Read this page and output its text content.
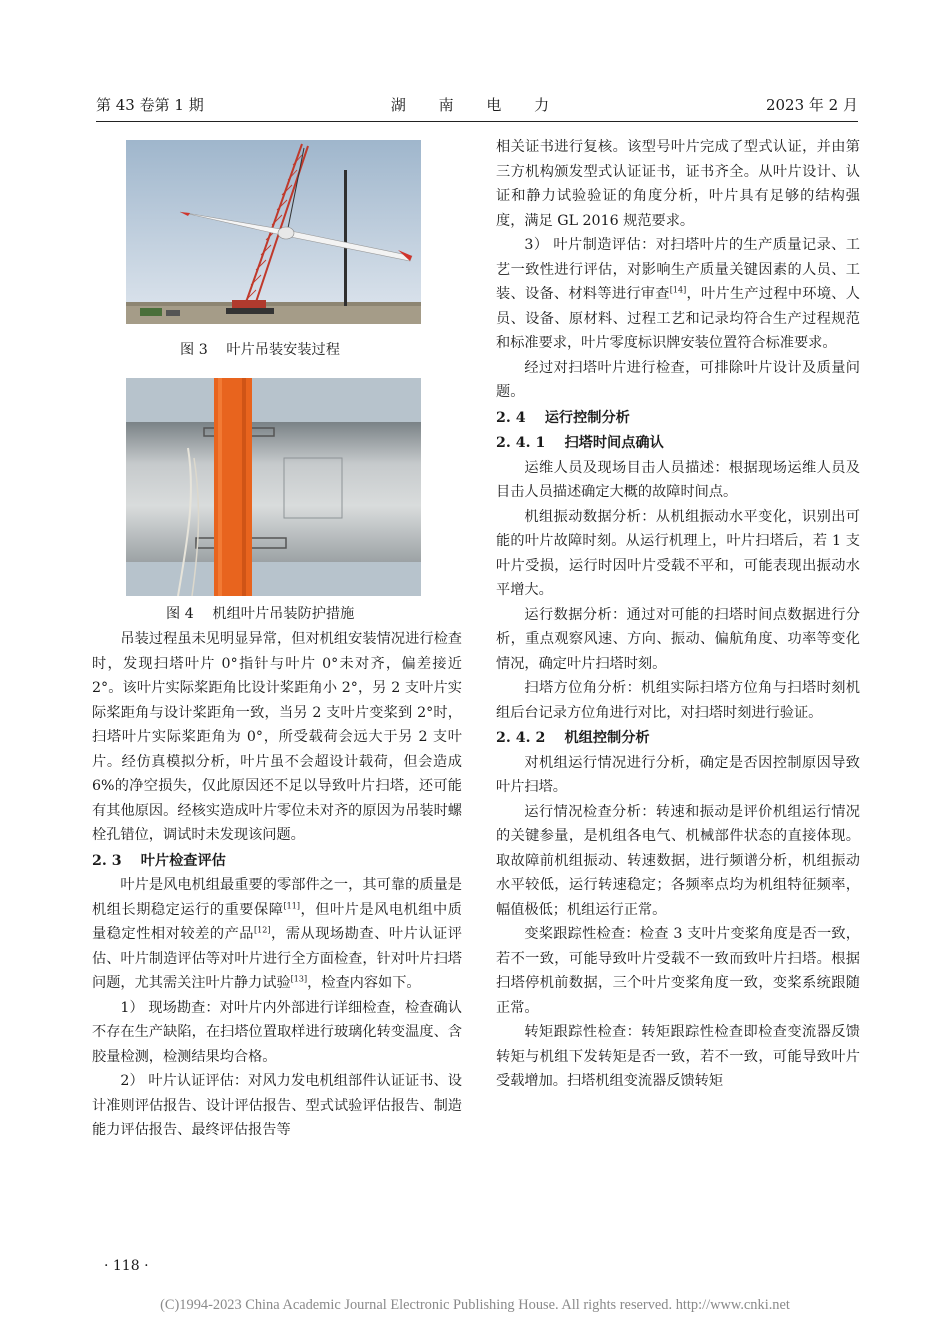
第 43 卷第 1 期	湖 南 电 力	2023 年 2 月
图 3　 叶片吊装安装过程
图 4　 机组叶片吊装防护措施

吊装过程虽未见明显异常，但对机组安装情况进行检查时，发现扫塔叶片 0°指针与叶片 0°未对齐，偏差接近 2°。该叶片实际桨距角比设计桨距角小 2°，另 2 支叶片实际桨距角与设计桨距角一致，当另 2 支叶片变桨到 2°时，扫塔叶片实际桨距角为 0°，所受载荷会远大于另 2 支叶片。经仿真模拟分析，叶片虽不会超设计载荷，但会造成 6%的净空损失，仅此原因还不足以导致叶片扫塔，还可能有其他原因。经核实造成叶片零位未对齐的原因为吊装时螺栓孔错位，调试时未发现该问题。

2. 3　 叶片检查评估

叶片是风电机组最重要的零部件之一，其可靠的质量是机组长期稳定运行的重要保障[11]，但叶片是风电机组中质量稳定性相对较差的产品[12]，需从现场勘查、叶片认证评估、叶片制造评估等对叶片进行全方面检查，针对叶片扫塔问题，尤其需关注叶片静力试验[13]，检查内容如下。

1） 现场勘查：对叶片内外部进行详细检查，检查确认不存在生产缺陷，在扫塔位置取样进行玻璃化转变温度、含胶量检测，检测结果均合格。

2） 叶片认证评估：对风力发电机组部件认证证书、设计准则评估报告、设计评估报告、型式试验评估报告、制造能力评估报告、最终评估报告等

相关证书进行复核。该型号叶片完成了型式认证，并由第三方机构颁发型式认证证书，证书齐全。从叶片设计、认证和静力试验验证的角度分析，叶片具有足够的结构强度，满足 GL 2016 规范要求。

3） 叶片制造评估：对扫塔叶片的生产质量记录、工艺一致性进行评估，对影响生产质量关键因素的人员、工装、设备、材料等进行审查[14]，叶片生产过程中环境、人员、设备、原材料、过程工艺和记录均符合生产过程规范和标准要求，叶片零度标识牌安装位置符合标准要求。

经过对扫塔叶片进行检查，可排除叶片设计及质量问题。

2. 4　 运行控制分析

2. 4. 1　 扫塔时间点确认

运维人员及现场目击人员描述：根据现场运维人员及目击人员描述确定大概的故障时间点。

机组振动数据分析：从机组振动水平变化，识别出可能的叶片故障时刻。从运行机理上，叶片扫塔后，若 1 支叶片受损，运行时因叶片受载不平和，可能表现出振动水平增大。

运行数据分析：通过对可能的扫塔时间点数据进行分析，重点观察风速、方向、振动、偏航角度、功率等变化情况，确定叶片扫塔时刻。

扫塔方位角分析：机组实际扫塔方位角与扫塔时刻机组后台记录方位角进行对比，对扫塔时刻进行验证。

2. 4. 2　 机组控制分析

对机组运行情况进行分析，确定是否因控制原因导致叶片扫塔。

运行情况检查分析：转速和振动是评价机组运行情况的关键参量，是机组各电气、机械部件状态的直接体现。取故障前机组振动、转速数据，进行频谱分析，机组振动水平较低，运行转速稳定；各频率点均为机组特征频率，幅值极低；机组运行正常。

变桨跟踪性检查：检查 3 支叶片变桨角度是否一致，若不一致，可能导致叶片受载不一致而致叶片扫塔。根据扫塔停机前数据，三个叶片变桨角度一致，变桨系统跟随正常。

转矩跟踪性检查：转矩跟踪性检查即检查变流器反馈转矩与机组下发转矩是否一致，若不一致，可能导致叶片受载增加。扫塔机组变流器反馈转矩

· 118 ·
(C)1994-2023 China Academic Journal Electronic Publishing House. All rights reserved. http://www.cnki.net
